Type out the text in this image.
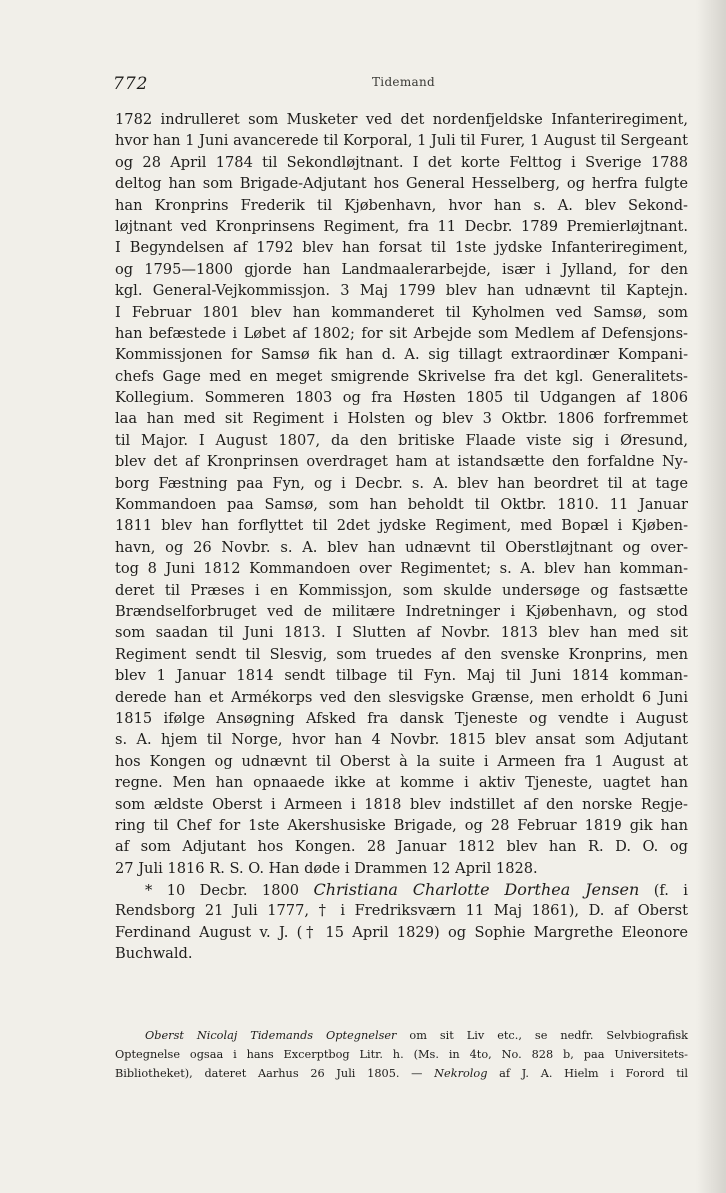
772	Tidemand
1782 indrulleret som Musketer ved det nordenfjeldske Infanteriregiment,
hvor han 1 Juni avancerede til Korporal, 1 Juli til Furer, 1 August til Sergeant
og 28 April 1784 til Sekondløjtnant. I det korte Felttog i Sverige 1788
deltog han som Brigade-Adjutant hos General Hesselberg, og herfra fulgte
han Kronprins Frederik til Kjøbenhavn, hvor han s. A. blev Sekond-
løjtnant ved Kronprinsens Regiment, fra 11 Decbr. 1789 Premierløjtnant.
I Begyndelsen af 1792 blev han forsat til 1ste jydske Infanteriregiment,
og 1795—1800 gjorde han Landmaalerarbejde, især i Jylland, for den
kgl. General-Vejkommissjon. 3 Maj 1799 blev han udnævnt til Kaptejn.
I Februar 1801 blev han kommanderet til Kyholmen ved Samsø, som
han befæstede i Løbet af 1802; for sit Arbejde som Medlem af Defensjons-
Kommissjonen for Samsø fik han d. A. sig tillagt extraordinær Kompani-
chefs Gage med en meget smigrende Skrivelse fra det kgl. Generalitets-
Kollegium. Sommeren 1803 og fra Høsten 1805 til Udgangen af 1806
laa han med sit Regiment i Holsten og blev 3 Oktbr. 1806 forfremmet
til Major. I August 1807, da den britiske Flaade viste sig i Øresund,
blev det af Kronprinsen overdraget ham at istandsætte den forfaldne Ny-
borg Fæstning paa Fyn, og i Decbr. s. A. blev han beordret til at tage
Kommandoen paa Samsø, som han beholdt til Oktbr. 1810. 11 Januar
1811 blev han forflyttet til 2det jydske Regiment, med Bopæl i Kjøben-
havn, og 26 Novbr. s. A. blev han udnævnt til Oberstløjtnant og over-
tog 8 Juni 1812 Kommandoen over Regimentet; s. A. blev han komman-
deret til Præses i en Kommissjon, som skulde undersøge og fastsætte
Brændselforbruget ved de militære Indretninger i Kjøbenhavn, og stod
som saadan til Juni 1813. I Slutten af Novbr. 1813 blev han med sit
Regiment sendt til Slesvig, som truedes af den svenske Kronprins, men
blev 1 Januar 1814 sendt tilbage til Fyn. Maj til Juni 1814 komman-
derede han et Armékorps ved den slesvigske Grænse, men erholdt 6 Juni
1815 ifølge Ansøgning Afsked fra dansk Tjeneste og vendte i August
s. A. hjem til Norge, hvor han 4 Novbr. 1815 blev ansat som Adjutant
hos Kongen og udnævnt til Oberst à la suite i Armeen fra 1 August at
regne. Men han opnaaede ikke at komme i aktiv Tjeneste, uagtet han
som ældste Oberst i Armeen i 1818 blev indstillet af den norske Regje-
ring til Chef for 1ste Akershusiske Brigade, og 28 Februar 1819 gik han
af som Adjutant hos Kongen. 28 Januar 1812 blev han R. D. O. og
27 Juli 1816 R. S. O. Han døde i Drammen 12 April 1828.
* 10 Decbr. 1800 Christiana Charlotte Dorthea Jensen (f. i
Rendsborg 21 Juli 1777, † i Fredriksværn 11 Maj 1861), D. af Oberst
Ferdinand August v. J. († 15 April 1829) og Sophie Margrethe Eleonore
Buchwald.
Oberst Nicolaj Tidemands Optegnelser om sit Liv etc., se nedfr. Selvbiografisk
Optegnelse ogsaa i hans Excerptbog Litr. h. (Ms. in 4to, No. 828 b, paa Universitets-
Bibliotheket), dateret Aarhus 26 Juli 1805. — Nekrolog af J. A. Hielm i Forord til
